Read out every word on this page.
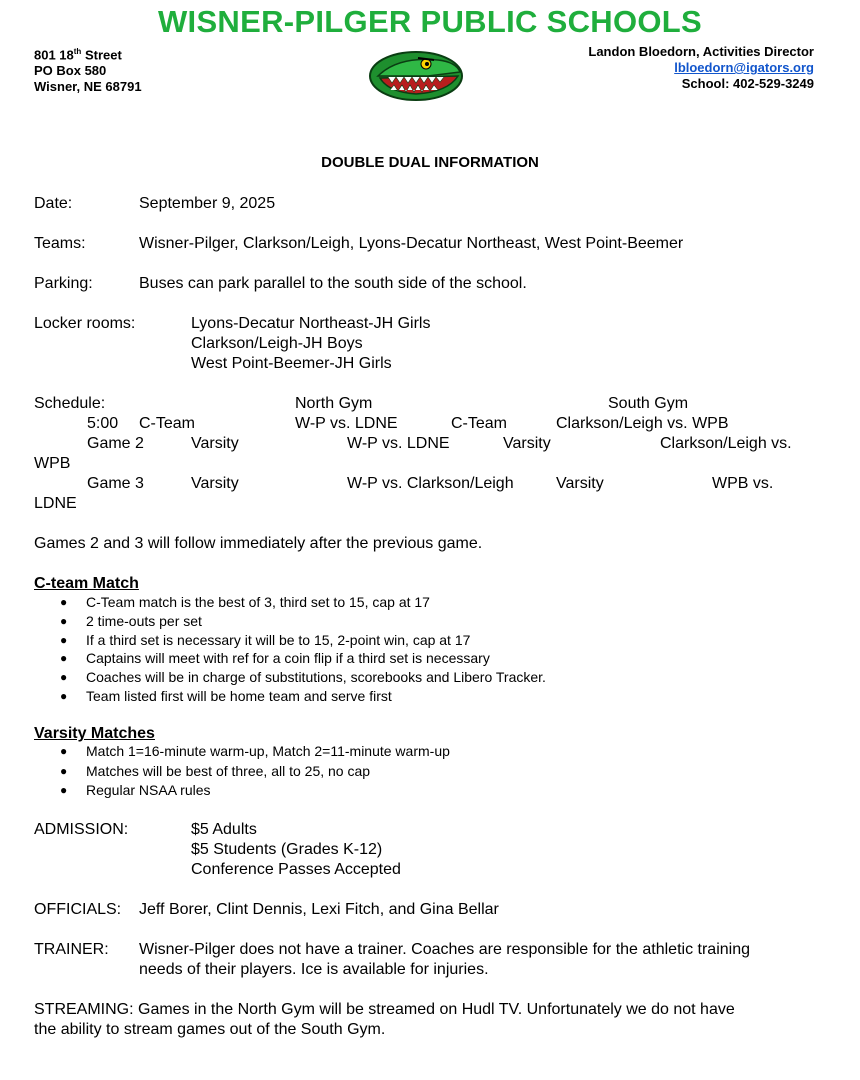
WISNER-PILGER PUBLIC SCHOOLS
801 18th Street
PO Box 580
Wisner, NE 68791
Landon Bloedorn, Activities Director
lbloedorn@igators.org
School: 402-529-3249
DOUBLE DUAL INFORMATION
Date:	September 9, 2025
Teams:	Wisner-Pilger, Clarkson/Leigh, Lyons-Decatur Northeast, West Point-Beemer
Parking:	Buses can park parallel to the south side of the school.
Locker rooms:	Lyons-Decatur Northeast-JH Girls
Clarkson/Leigh-JH Boys
West Point-Beemer-JH Girls
Schedule:	North Gym	South Gym
5:00 C-Team	W-P vs. LDNE	C-Team	Clarkson/Leigh vs. WPB
Game 2	Varsity	W-P vs. LDNE	Varsity	Clarkson/Leigh vs.
WPB
Game 3	Varsity	W-P vs. Clarkson/Leigh	Varsity	WPB vs.
LDNE
Games 2 and 3 will follow immediately after the previous game.
C-team Match
●	C-Team match is the best of 3, third set to 15, cap at 17
●	2 time-outs per set
●	If a third set is necessary it will be to 15, 2-point win, cap at 17
●	Captains will meet with ref for a coin flip if a third set is necessary
●	Coaches will be in charge of substitutions, scorebooks and Libero Tracker.
●	Team listed first will be home team and serve first
Varsity Matches
●	Match 1=16-minute warm-up, Match 2=11-minute warm-up
●	Matches will be best of three, all to 25, no cap
●	Regular NSAA rules
ADMISSION:	$5 Adults
$5 Students (Grades K-12)
Conference Passes Accepted
OFFICIALS: Jeff Borer, Clint Dennis, Lexi Fitch, and Gina Bellar
TRAINER: Wisner-Pilger does not have a trainer. Coaches are responsible for the athletic training
needs of their players. Ice is available for injuries.
STREAMING: Games in the North Gym will be streamed on Hudl TV. Unfortunately we do not have
the ability to stream games out of the South Gym.
